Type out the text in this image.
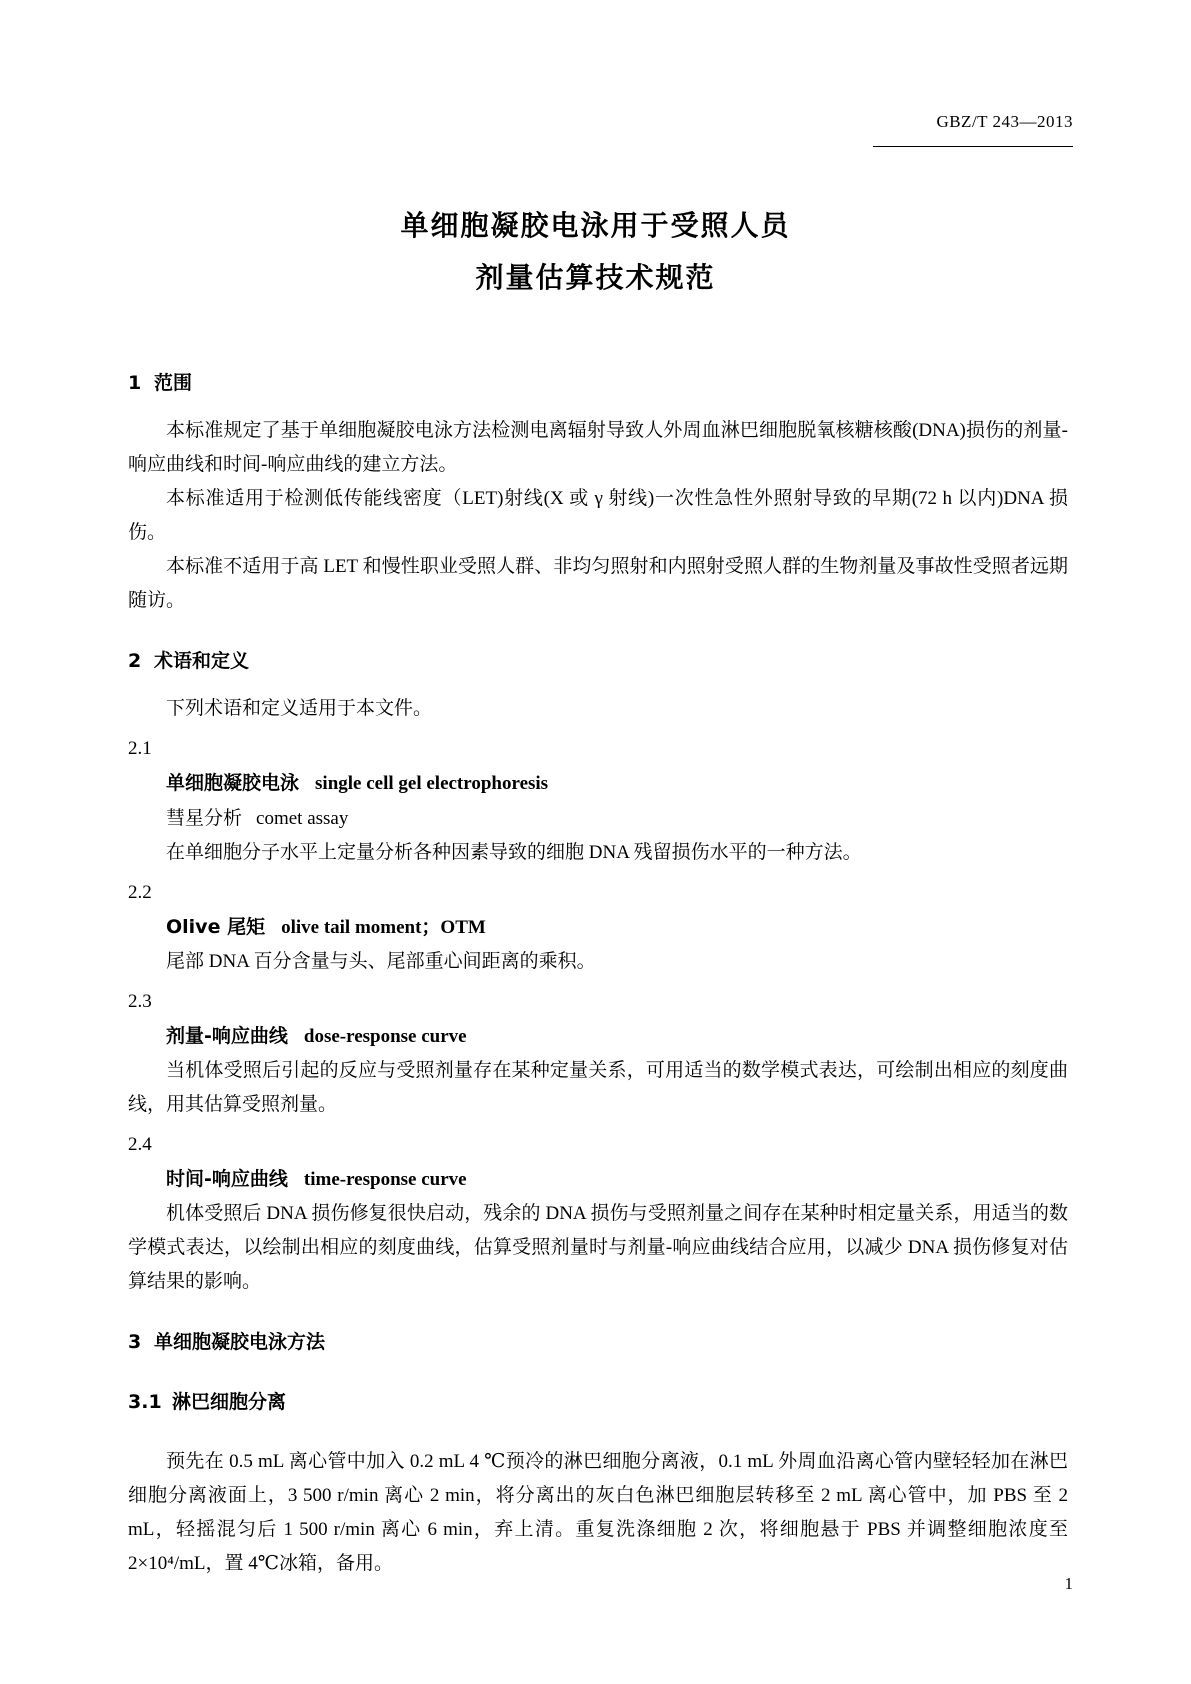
GBZ/T 243—2013
单细胞凝胶电泳用于受照人员
剂量估算技术规范
1 范围

本标准规定了基于单细胞凝胶电泳方法检测电离辐射导致人外周血淋巴细胞脱氧核糖核酸(DNA)损伤的剂量-响应曲线和时间-响应曲线的建立方法。

本标准适用于检测低传能线密度（LET)射线(X 或 γ 射线)一次性急性外照射导致的早期(72 h 以内)DNA 损伤。

本标准不适用于高 LET 和慢性职业受照人群、非均匀照射和内照射受照人群的生物剂量及事故性受照者远期随访。

2 术语和定义

下列术语和定义适用于本文件。

2.1
单细胞凝胶电泳 single cell gel electrophoresis
彗星分析 comet assay
在单细胞分子水平上定量分析各种因素导致的细胞 DNA 残留损伤水平的一种方法。
2.2
Olive 尾矩 olive tail moment；OTM
尾部 DNA 百分含量与头、尾部重心间距离的乘积。
2.3
剂量-响应曲线 dose-response curve
当机体受照后引起的反应与受照剂量存在某种定量关系，可用适当的数学模式表达，可绘制出相应的刻度曲线，用其估算受照剂量。
2.4
时间-响应曲线 time-response curve
机体受照后 DNA 损伤修复很快启动，残余的 DNA 损伤与受照剂量之间存在某种时相定量关系，用适当的数学模式表达，以绘制出相应的刻度曲线，估算受照剂量时与剂量-响应曲线结合应用，以减少 DNA 损伤修复对估算结果的影响。
3 单细胞凝胶电泳方法
3.1 淋巴细胞分离

预先在 0.5 mL 离心管中加入 0.2 mL 4 ℃预冷的淋巴细胞分离液，0.1 mL 外周血沿离心管内壁轻轻加在淋巴细胞分离液面上，3 500 r/min 离心 2 min，将分离出的灰白色淋巴细胞层转移至 2 mL 离心管中，加 PBS 至 2 mL，轻摇混匀后 1 500 r/min 离心 6 min，弃上清。重复洗涤细胞 2 次，将细胞悬于 PBS 并调整细胞浓度至 2×10⁴/mL，置 4℃冰箱，备用。

1
